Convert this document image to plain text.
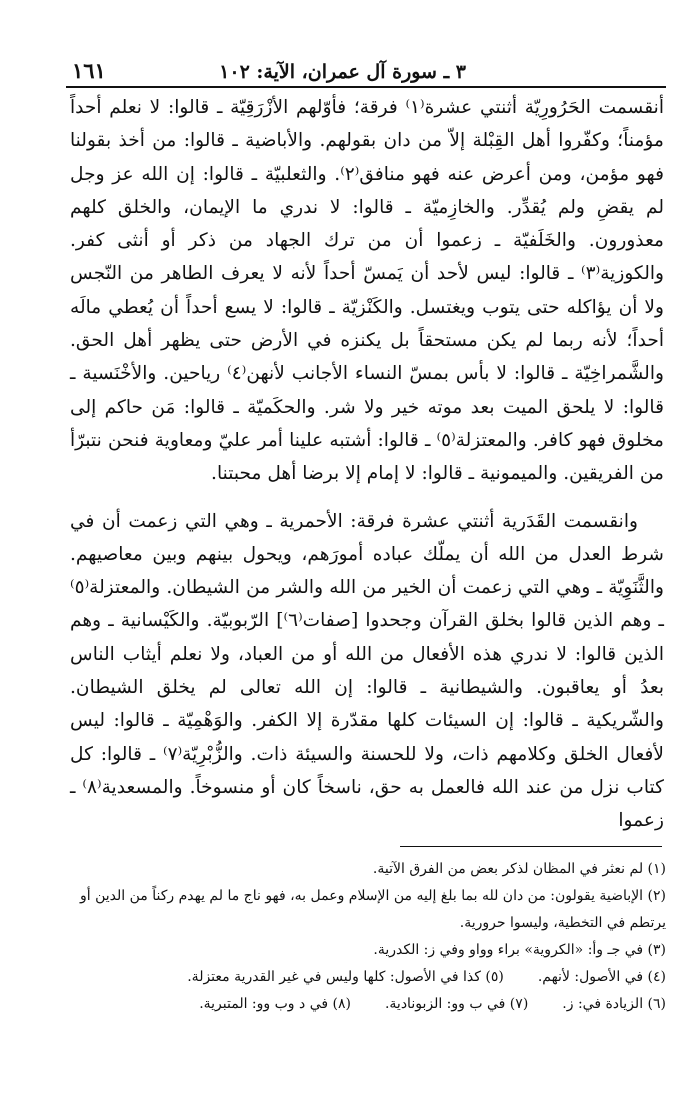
٣ ـ سورة آل عمران، الآية: ١٠٢
١٦١

أنقسمت الحَرُورِيّة أثنتي عشرة⁽١⁾ فرقة؛ فأوّلهم الأزْرَقِيّة ـ قالوا: لا نعلم أحداً مؤمناً؛ وكفّروا أهل القِبْلة إلاّ من دان بقولهم. والأباضية ـ قالوا: من أخذ بقولنا فهو مؤمن، ومن أعرض عنه فهو منافق⁽٢⁾. والثعلبيّة ـ قالوا: إن الله عز وجل لم يقضِ ولم يُقدِّر. والخازِميّة ـ قالوا: لا ندري ما الإيمان، والخلق كلهم معذورون. والخَلَفيّة ـ زعموا أن من ترك الجهاد من ذكر أو أنثى كفر. والكوزية⁽٣⁾ ـ قالوا: ليس لأحد أن يَمسّ أحداً لأنه لا يعرف الطاهر من النّجس ولا أن يؤاكله حتى يتوب ويغتسل. والكَنْزيّة ـ قالوا: لا يسع أحداً أن يُعطي مالَه أحداً؛ لأنه ربما لم يكن مستحقاً بل يكنزه في الأرض حتى يظهر أهل الحق. والشَّمراخِيّة ـ قالوا: لا بأس بمسّ النساء الأجانب لأنهن⁽٤⁾ رياحين. والأخْنَسية ـ قالوا: لا يلحق الميت بعد موته خير ولا شر. والحكَميّة ـ قالوا: مَن حاكم إلى مخلوق فهو كافر. والمعتزلة⁽٥⁾ ـ قالوا: أشتبه علينا أمر عليّ ومعاوية فنحن نتبرّأ من الفريقين. والميمونية ـ قالوا: لا إمام إلا برضا أهل محبتنا.

وانقسمت القَدَرية أثنتي عشرة فرقة: الأحمرية ـ وهي التي زعمت أن في شرط العدل من الله أن يملّك عباده أمورَهم، ويحول بينهم وبين معاصيهم. والثَّنَوِيّة ـ وهي التي زعمت أن الخير من الله والشر من الشيطان. والمعتزلة⁽٥⁾ ـ وهم الذين قالوا بخلق القرآن وجحدوا [صفات⁽٦⁾] الرّبوبيّة. والكَيْسانية ـ وهم الذين قالوا: لا ندري هذه الأفعال من الله أو من العباد، ولا نعلم أيثاب الناس بعدُ أو يعاقبون. والشيطانية ـ قالوا: إن الله تعالى لم يخلق الشيطان. والشّريكية ـ قالوا: إن السيئات كلها مقدّرة إلا الكفر. والوَهْمِيّة ـ قالوا: ليس لأفعال الخلق وكلامهم ذات، ولا للحسنة والسيئة ذات. والزُّبْرِيّة⁽٧⁾ ـ قالوا: كل كتاب نزل من عند الله فالعمل به حق، ناسخاً كان أو منسوخاً. والمسعدية⁽٨⁾ ـ زعموا

(١) لم نعثر في المظان لذكر بعض من الفرق الآتية.

(٢) الإباضية يقولون: من دان لله بما بلغ إليه من الإسلام وعمل به، فهو ناج ما لم يهدم ركناً من الدين أو يرتطم في التخطية، وليسوا حرورية.

(٣) في جـ وأ: «الكروية» براء وواو وفي ز: الكدرية.

(٤) في الأصول: لأنهم.
(٥) كذا في الأصول: كلها وليس في غير القدرية معتزلة.
(٦) الزيادة في: ز.
(٧) في ب وو: الزبونادية.
(٨) في د وب وو: المتبرية.
